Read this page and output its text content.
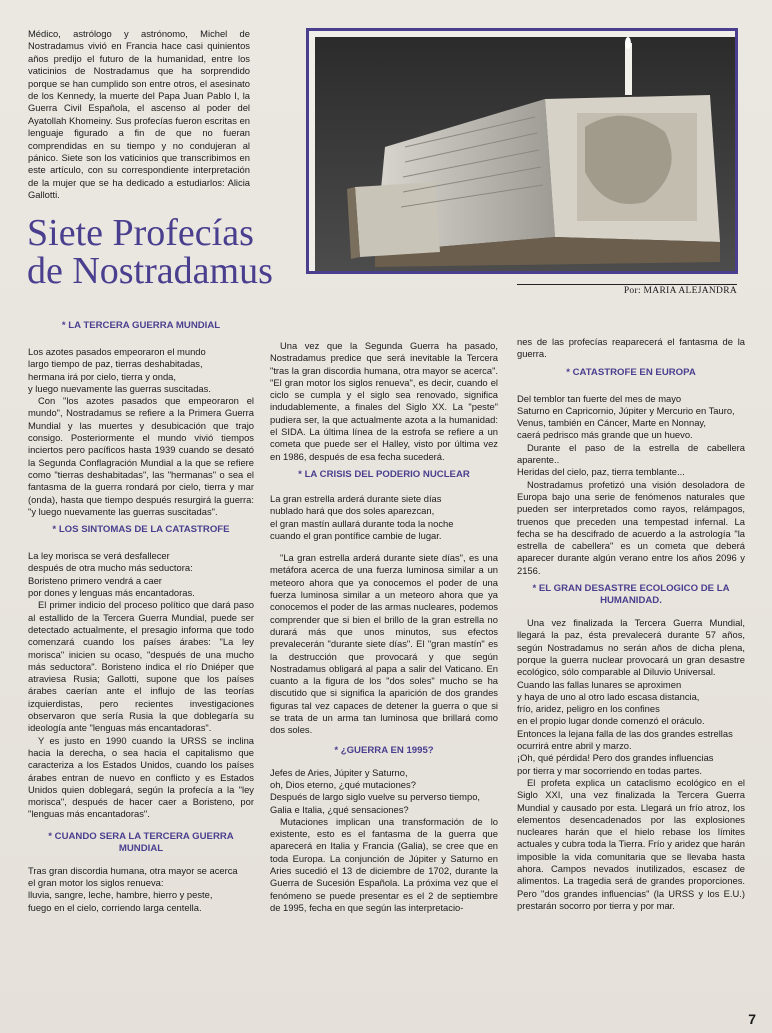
Médico, astrólogo y astrónomo, Michel de Nostradamus vivió en Francia hace casi quinientos años predijo el futuro de la humanidad, entre los vaticinios de Nostradamus que ha sorprendido porque se han cumplido son entre otros, el asesinato de los Kennedy, la muerte del Papa Juan Pablo I, la Guerra Civil Española, el ascenso al poder del Ayatollah Khomeiny. Sus profecías fueron escritas en lenguaje figurado a fin de que no fueran comprendidas en su tiempo y no condujeran al pánico. Siete son los vaticinios que transcribimos en este artículo, con su correspondiente interpretación de la mujer que se ha dedicado a estudiarlos: Alicia Gallotti.
Siete Profecías
de Nostradamus	Por: MARIA ALEJANDRA

* LA TERCERA GUERRA MUNDIAL

Los azotes pasados empeoraron el mundo

largo tiempo de paz, tierras deshabitadas,

hermana irá por cielo, tierra y onda,

y luego nuevamente las guerras suscitadas.

Con "los azotes pasados que empeoraron el mundo", Nostradamus se refiere a la Primera Guerra Mundial y las muertes y desubicación que trajo consigo. Posteriormente el mundo vivió tiempos inciertos pero pacíficos hasta 1939 cuando se desató la Segunda Conflagración Mundial a la que se refiere como "tierras deshabitadas", las "hermanas" o sea el fantasma de la guerra rondará por cielo, tierra y mar (onda), hasta que tiempo después resurgirá la guerra: "y luego nuevamente las guerras suscitadas".

* LOS SINTOMAS DE LA CATASTROFE

La ley morisca se verá desfallecer

después de otra mucho más seductora:

Boristeno primero vendrá a caer

por dones y lenguas más encantadoras.

El primer indicio del proceso político que dará paso al estallido de la Tercera Guerra Mundial, puede ser detectado actualmente, el presagio informa que todo comenzará cuando los países árabes: "La ley morisca" inicien su ocaso, "después de una mucho más seductora". Boristeno indica el río Dniéper que atraviesa Rusia; Gallotti, supone que los países árabes caerían ante el influjo de las teorías izquierdistas, pero recientes investigaciones observaron que sería Rusia la que doblegaría su ideología ante "lenguas más encantadoras".

Y es justo en 1990 cuando la URSS se inclina hacia la derecha, o sea hacia el capitalismo que caracteriza a los Estados Unidos, cuando los países árabes entran de nuevo en conflicto y es Estados Unidos quien doblegará, según la profecía a la "ley morisca", después de hacer caer a Boristeno, por "lenguas más encantadoras".

* CUANDO SERA LA TERCERA GUERRA MUNDIAL

Tras gran discordia humana, otra mayor se acerca

el gran motor los siglos renueva:

lluvia, sangre, leche, hambre, hierro y peste,

fuego en el cielo, corriendo larga centella.

Una vez que la Segunda Guerra ha pasado, Nostradamus predice que será inevitable la Tercera "tras la gran discordia humana, otra mayor se acerca". "El gran motor los siglos renueva", es decir, cuando el ciclo se cumpla y el siglo sea renovado, significa indudablemente, a finales del Siglo XX. La "peste" pudiera ser, la que actualmente azota a la humanidad: el SIDA. La última línea de la estrofa se refiere a un cometa que puede ser el Halley, visto por última vez en 1986, después de esa fecha sucederá.

* LA CRISIS DEL PODERIO NUCLEAR

La gran estrella arderá durante siete días

nublado hará que dos soles aparezcan,

el gran mastín aullará durante toda la noche

cuando el gran pontífice cambie de lugar.

"La gran estrella arderá durante siete días", es una metáfora acerca de una fuerza luminosa similar a un meteoro ahora que ya conocemos el poder de una fuerza luminosa similar a un meteoro ahora que ya conocemos el poder de las armas nucleares, podemos comprender que si bien el brillo de la gran estrella no durará más que unos minutos, sus efectos prevalecerán "durante siete días". El "gran mastín" es la destrucción que provocará y que según Nostradamus obligará al papa a salir del Vaticano. En cuanto a la figura de los "dos soles" mucho se ha discutido que si significa la aparición de dos grandes figuras tal vez capaces de detener la guerra o que si se trata de un arma tan luminosa que brillará como dos soles.

* ¿GUERRA EN 1995?

Jefes de Aries, Júpiter y Saturno,

oh, Dios eterno, ¿qué mutaciones?

Después de largo siglo vuelve su perverso tiempo,

Galia e Italia, ¿qué sensaciones?

Mutaciones implican una transformación de lo existente, esto es el fantasma de la guerra que aparecerá en Italia y Francia (Galia), se cree que en toda Europa. La conjunción de Júpiter y Saturno en Aries sucedió el 13 de diciembre de 1702, durante la Guerra de Sucesión Española. La próxima vez que el fenómeno se puede presentar es el 2 de septiembre de 1995, fecha en que según las interpretacio-

nes de las profecías reaparecerá el fantasma de la guerra.

* CATASTROFE EN EUROPA

Del temblor tan fuerte del mes de mayo

Saturno en Capricornio, Júpiter y Mercurio en Tauro,

Venus, también en Cáncer, Marte en Nonnay,

caerá pedrisco más grande que un huevo.

Durante el paso de la estrella de cabellera aparente..

Heridas del cielo, paz, tierra temblante...

Nostradamus profetizó una visión desoladora de Europa bajo una serie de fenómenos naturales que pueden ser interpretados como rayos, relámpagos, truenos que preceden una tempestad infernal. La fecha se ha descifrado de acuerdo a la astrología "la estrella de cabellera" es un cometa que deberá aparecer durante algún verano entre los años 2096 y 2156.

* EL GRAN DESASTRE ECOLOGICO DE LA HUMANIDAD.

Una vez finalizada la Tercera Guerra Mundial, llegará la paz, ésta prevalecerá durante 57 años, según Nostradamus no serán años de dicha plena, porque la guerra nuclear provocará un gran desastre ecológico, sólo comparable al Diluvio Universal.

Cuando las fallas lunares se aproximen

y haya de uno al otro lado escasa distancia,

frío, aridez, peligro en los confines

en el propio lugar donde comenzó el oráculo.

Entonces la lejana falla de las dos grandes estrellas

ocurrirá entre abril y marzo.

¡Oh, qué pérdida! Pero dos grandes influencias

por tierra y mar socorriendo en todas partes.

El profeta explica un cataclismo ecológico en el Siglo XXI, una vez finalizada la Tercera Guerra Mundial y causado por esta. Llegará un frío atroz, los elementos desencadenados por las explosiones nucleares harán que el hielo rebase los límites actuales y cubra toda la Tierra. Frío y aridez que harán imposible la vida comunitaria que se llevaba hasta ahora. Campos nevados inutilizados, escasez de alimentos. La tragedia será de grandes proporciones. Pero "dos grandes influencias" (la URSS y los E.U.) prestarán socorro por tierra y por mar.

7
